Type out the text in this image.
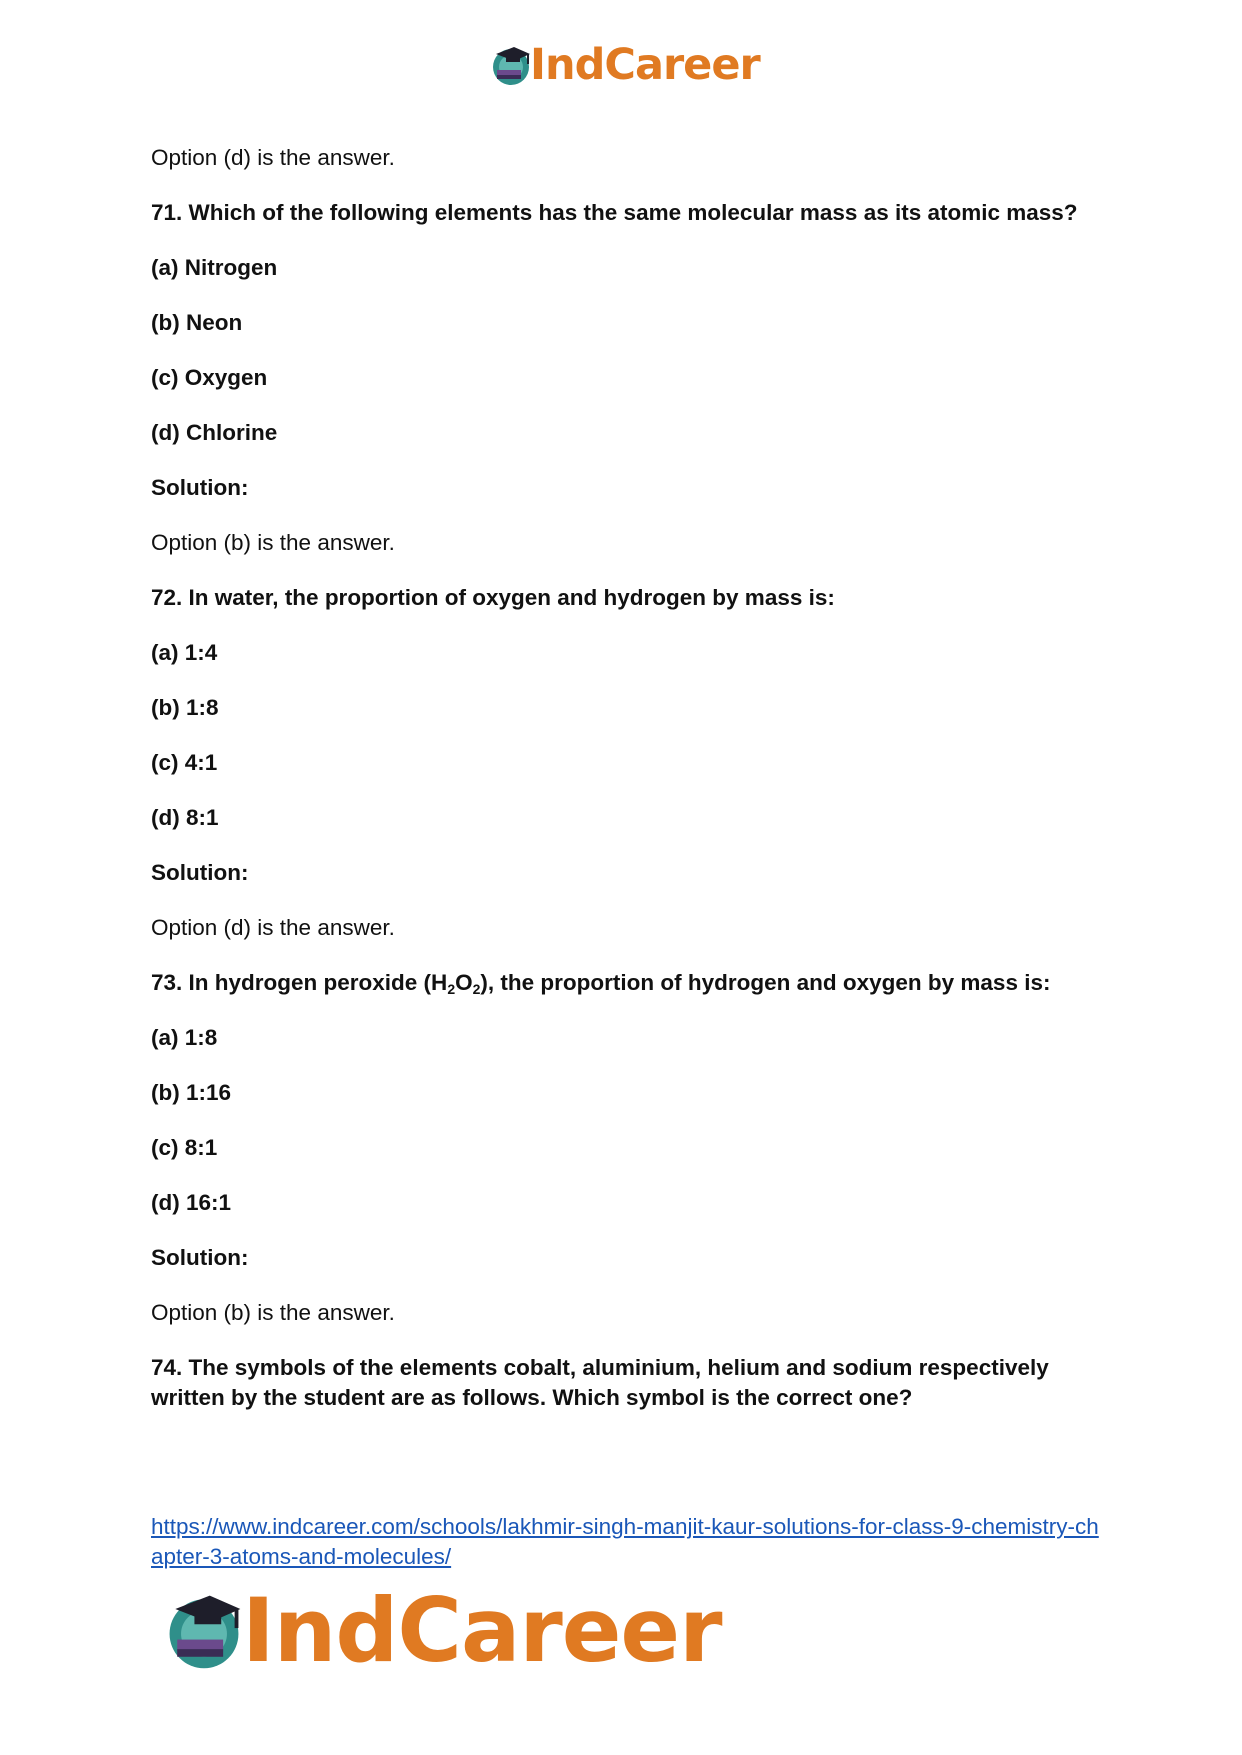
IndCareer

Option (d) is the answer.

71. Which of the following elements has the same molecular mass as its atomic mass?

(a) Nitrogen

(b) Neon

(c) Oxygen

(d) Chlorine

Solution:

Option (b) is the answer.

72. In water, the proportion of oxygen and hydrogen by mass is:

(a) 1:4

(b) 1:8

(c) 4:1

(d) 8:1

Solution:

Option (d) is the answer.

73. In hydrogen peroxide $(H_2O_2)$, the proportion of hydrogen and oxygen by mass is:

(a) 1:8

(b) 1:16

(c) 8:1

(d) 16:1

Solution:

Option (b) is the answer.

74. The symbols of the elements cobalt, aluminium, helium and sodium respectively written by the student are as follows. Which symbol is the correct one?

https://www.indcareer.com/schools/lakhmir-singh-manjit-kaur-solutions-for-class-9-chemistry-chapter-3-atoms-and-molecules/
IndCareer
